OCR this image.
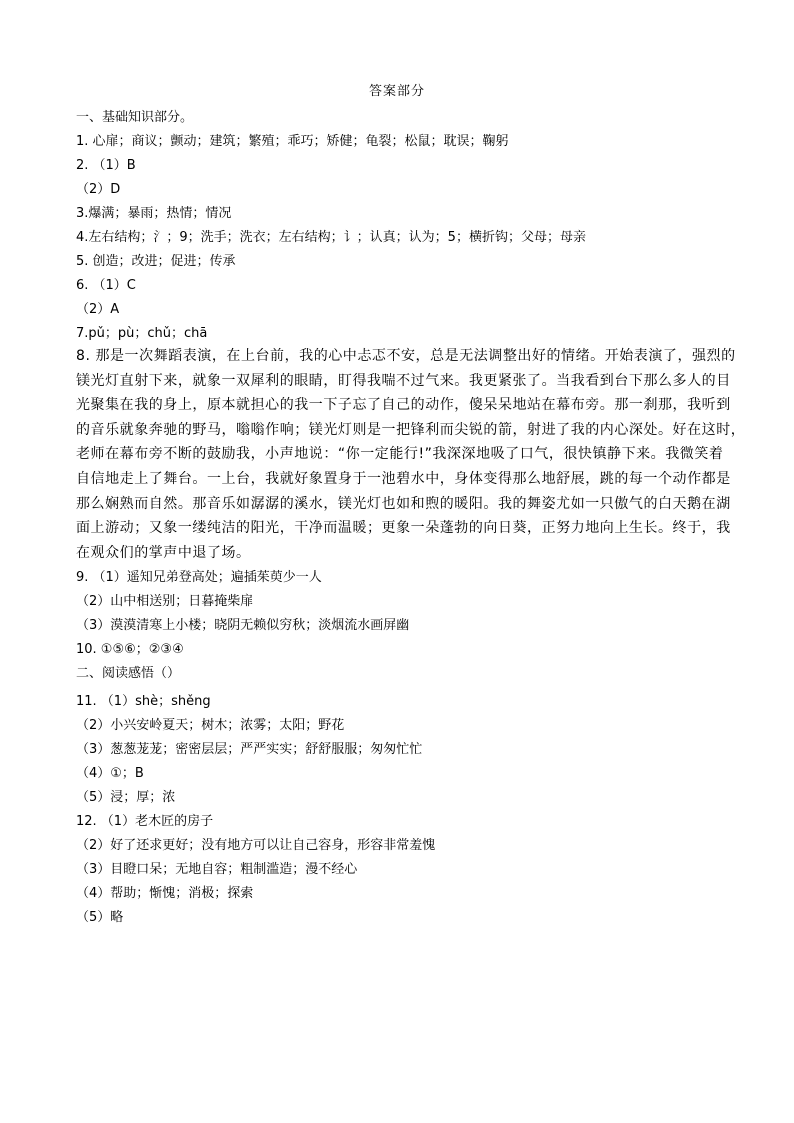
答案部分

一、基础知识部分。

1. 心扉；商议；颤动；建筑；繁殖；乖巧；矫健；龟裂；松鼠；耽误；鞠躬

2. （1）B

（2）D

3.爆满；暴雨；热情；情况

4.左右结构；氵；9；洗手；洗衣；左右结构；讠；认真；认为；5；横折钩；父母；母亲

5. 创造；改进；促进；传承

6. （1）C

（2）A

7.pǔ；pù；chǔ；chā

8. 那是一次舞蹈表演，在上台前，我的心中忐忑不安，总是无法调整出好的情绪。开始表演了，强烈的
镁光灯直射下来，就象一双犀利的眼睛，盯得我喘不过气来。我更紧张了。当我看到台下那么多人的目
光聚集在我的身上，原本就担心的我一下子忘了自己的动作，傻呆呆地站在幕布旁。那一刹那，我听到
的音乐就象奔驰的野马，嗡嗡作响；镁光灯则是一把锋利而尖锐的箭，射进了我的内心深处。好在这时，
老师在幕布旁不断的鼓励我，小声地说：“你一定能行!”我深深地吸了口气，很快镇静下来。我微笑着
自信地走上了舞台。一上台，我就好象置身于一池碧水中，身体变得那么地舒展，跳的每一个动作都是
那么娴熟而自然。那音乐如潺潺的溪水，镁光灯也如和煦的暖阳。我的舞姿尤如一只傲气的白天鹅在湖
面上游动；又象一缕纯洁的阳光，干净而温暖；更象一朵蓬勃的向日葵，正努力地向上生长。终于，我
在观众们的掌声中退了场。

9. （1）遥知兄弟登高处；遍插茱萸少一人

（2）山中相送别；日暮掩柴扉

（3）漠漠清寒上小楼；晓阴无赖似穷秋；淡烟流水画屏幽

10. ①⑤⑥；②③④

二、阅读感悟（）

11. （1）shè；shěng

（2）小兴安岭夏天；树木；浓雾；太阳；野花

（3）葱葱茏茏；密密层层；严严实实；舒舒服服；匆匆忙忙

（4）①；B

（5）浸；厚；浓

12. （1）老木匠的房子

（2）好了还求更好；没有地方可以让自己容身，形容非常羞愧

（3）目瞪口呆；无地自容；粗制滥造；漫不经心

（4）帮助；惭愧；消极；探索

（5）略
